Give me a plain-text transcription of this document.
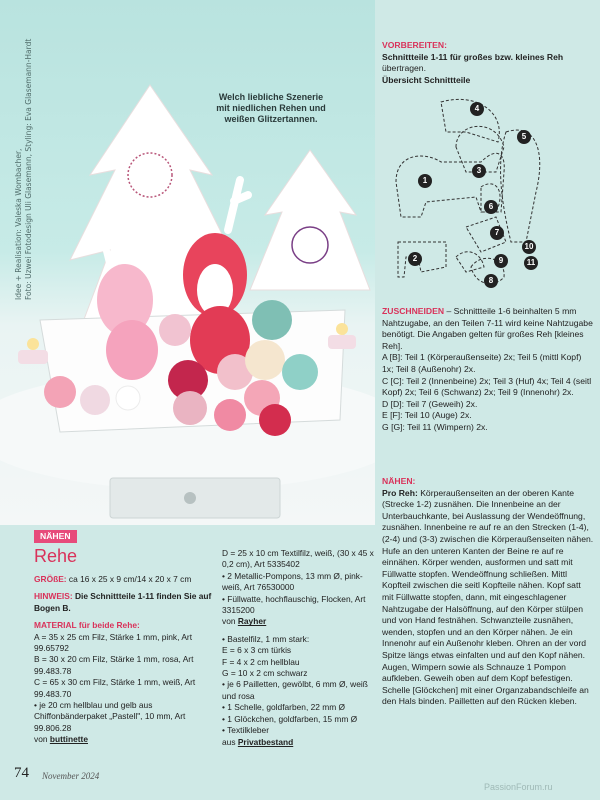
Idee + Realisation: Valeska Wombacher, Foto: Uzwei Fotodesign Uli Glasemann, Styling: Eva Glasemann-Hardt	Welch liebliche Szenerie
mit niedlichen Rehen und
weißen Glitzertannen.
VORBEREITEN:
Schnittteile 1-11 für großes bzw. kleines Reh
übertragen.
Übersicht Schnittteile
4
5
3
1
6
7
10
2	9	11
8

ZUSCHNEIDEN – Schnittteile 1-6 beinhalten 5 mm Nahtzugabe, an den Teilen 7-11 wird keine Nahtzugabe benötigt. Die Angaben gelten für großes Reh [kleines Reh].

A [B]: Teil 1 (Körperaußenseite) 2x; Teil 5 (mittl Kopf) 1x; Teil 8 (Außenohr) 2x.

C [C]: Teil 2 (Innenbeine) 2x; Teil 3 (Huf) 4x; Teil 4 (seitl Kopf) 2x; Teil 6 (Schwanz) 2x; Teil 9 (Innenohr) 2x.

D [D]: Teil 7 (Geweih) 2x.

E [F]: Teil 10 (Auge) 2x.

G [G]: Teil 11 (Wimpern) 2x.

NÄHEN:

Pro Reh: Körperaußenseiten an der oberen Kante (Strecke 1-2) zusnähen. Die Innenbeine an der Unterbauchkante, bei Auslassung der Wendeöffnung, zusnähen. Innenbeine re auf re an den Strecken (1-4), (2-4) und (3-3) zwischen die Körperaußenseiten nähen. Hufe an den unteren Kanten der Beine re auf re einnähen. Körper wenden, ausformen und satt mit Füllwatte stopfen. Wendeöffnung schließen. Mittl Kopfteil zwischen die seitl Kopfteile nähen. Kopf satt mit Füllwatte stopfen, dann, mit eingeschlagener Nahtzugabe der Halsöffnung, auf den Körper stülpen und von Hand festnähen. Schwanzteile zusnähen, wenden, stopfen und an den Körper nähen. Je ein Innenohr auf ein Außenohr kleben. Ohren an der vord Spitze längs etwas einfalten und auf den Kopf nähen. Augen, Wimpern sowie als Schnauze 1 Pompon aufkleben. Geweih oben auf dem Kopf befestigen. Schelle [Glöckchen] mit einer Organzabandschleife an den Hals binden. Pailletten auf den Rücken kleben.

NÄHEN
Rehe

GRÖßE: ca 16 x 25 x 9 cm/14 x 20 x 7 cm

HINWEIS: Die Schnittteile 1-11 finden Sie auf Bogen B.

MATERIAL für beide Rehe:

A = 35 x 25 cm Filz, Stärke 1 mm, pink, Art 99.65792

B = 30 x 20 cm Filz, Stärke 1 mm, rosa, Art 99.483.78

C = 65 x 30 cm Filz, Stärke 1 mm, weiß, Art 99.483.70

• je 20 cm hellblau und gelb aus Chiffonbänderpaket „Pastell", 10 mm, Art 99.806.28

von buttinette

D = 25 x 10 cm Textilfilz, weiß, (30 x 45 x 0,2 cm), Art 5335402

• 2 Metallic-Pompons, 13 mm Ø, pink-weiß, Art 76530000

• Füllwatte, hochflauschig, Flocken, Art 3315200

von Rayher

• Bastelfilz, 1 mm stark:

E = 6 x 3 cm türkis

F = 4 x 2 cm hellblau

G = 10 x 2 cm schwarz

• je 6 Pailletten, gewölbt, 6 mm Ø, weiß und rosa

• 1 Schelle, goldfarben, 22 mm Ø

• 1 Glöckchen, goldfarben, 15 mm Ø

• Textilkleber

aus Privatbestand

74 November 2024
PassionForum.ru
